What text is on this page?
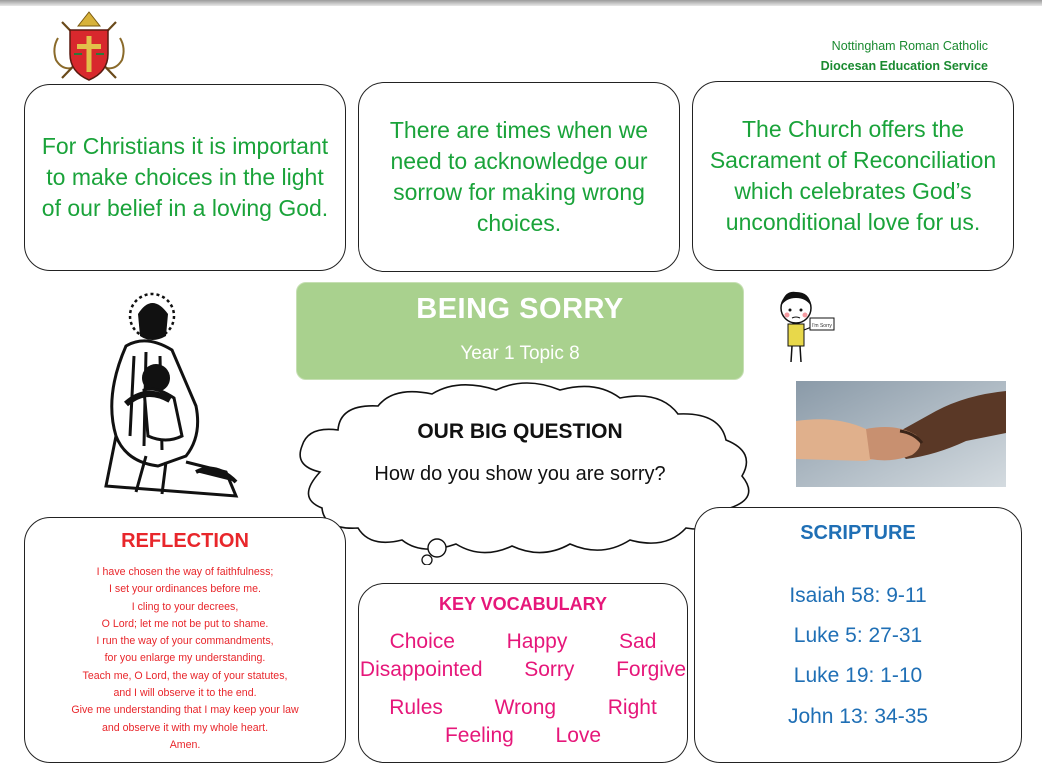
Nottingham Roman Catholic
Diocesan Education Service
For Christians it is important to make choices in the light of our belief in a loving God.
There are times when we need to acknowledge our sorrow for making wrong choices.
The Church offers the Sacrament of Reconciliation which celebrates God’s unconditional love for us.
BEING SORRY
Year 1 Topic 8
I'm Sorry
OUR BIG QUESTION
How do you show you are sorry?
REFLECTION
I have chosen the way of faithfulness;
I set your ordinances before me.
I cling to your decrees,
O Lord; let me not be put to shame.
I run the way of your commandments,
for you enlarge my understanding.
Teach me, O Lord, the way of your statutes,
and I will observe it to the end.
Give me understanding that I may keep your law
and observe it with my whole heart.
Amen.
KEY VOCABULARY
Choice Happy Sad
Disappointed Sorry Forgive
Rules Wrong Right
Feeling Love
SCRIPTURE
Isaiah 58: 9-11
Luke 5: 27-31
Luke 19: 1-10
John 13: 34-35
